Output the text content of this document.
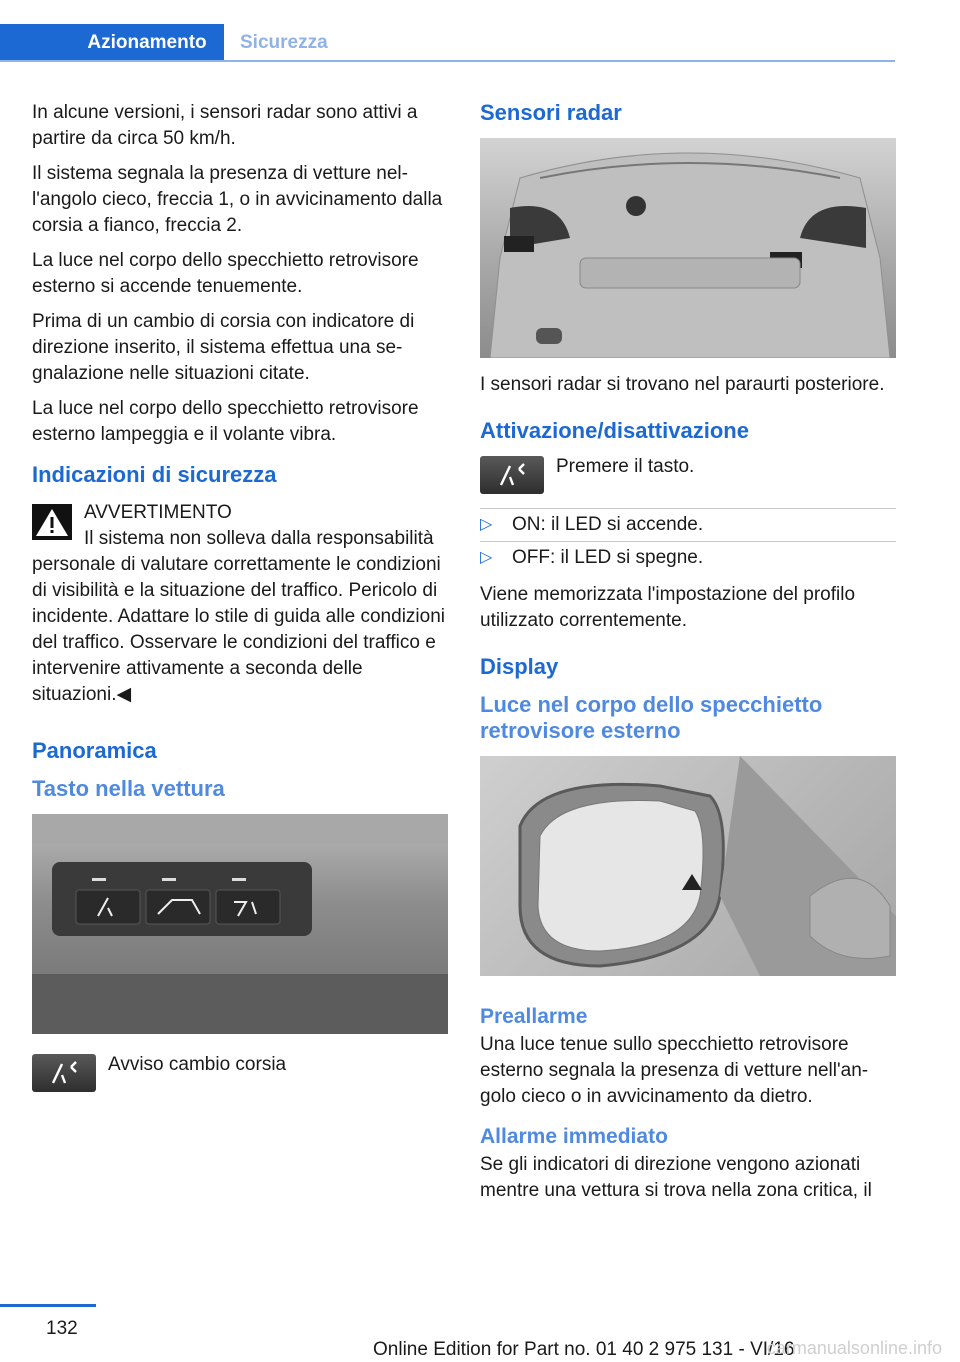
Azionamento	Sicurezza

In alcune versioni, i sensori radar sono attivi a partire da circa 50 km/h.

Il sistema segnala la presenza di vetture nell'angolo cieco, freccia 1, o in avvicinamento dalla corsia a fianco, freccia 2.

La luce nel corpo dello specchietto retrovisore esterno si accende tenuemente.

Prima di un cambio di corsia con indicatore di direzione inserito, il sistema effettua una segnalazione nelle situazioni citate.

La luce nel corpo dello specchietto retrovisore esterno lampeggia e il volante vibra.

Indicazioni di sicurezza
AVVERTIMENTO
Il sistema non solleva dalla responsabilità
personale di valutare correttamente le condizioni di visibilità e la situazione del traffico. Pericolo di incidente. Adattare lo stile di guida alle condizioni del traffico. Osservare le condizioni del traffico e intervenire attivamente a seconda delle situazioni.◀
Panoramica
Tasto nella vettura
Avviso cambio corsia
Sensori radar

I sensori radar si trovano nel paraurti posteriore.

Attivazione/disattivazione
Premere il tasto.
▷ ON: il LED si accende.
▷ OFF: il LED si spegne.

Viene memorizzata l'impostazione del profilo utilizzato correntemente.

Display
Luce nel corpo dello specchietto retrovisore esterno
Preallarme

Una luce tenue sullo specchietto retrovisore esterno segnala la presenza di vetture nell'angolo cieco o in avvicinamento da dietro.

Allarme immediato

Se gli indicatori di direzione vengono azionati mentre una vettura si trova nella zona critica, il

132
Online Edition for Part no. 01 40 2 975 131 - VI/16
carmanualsonline.info
